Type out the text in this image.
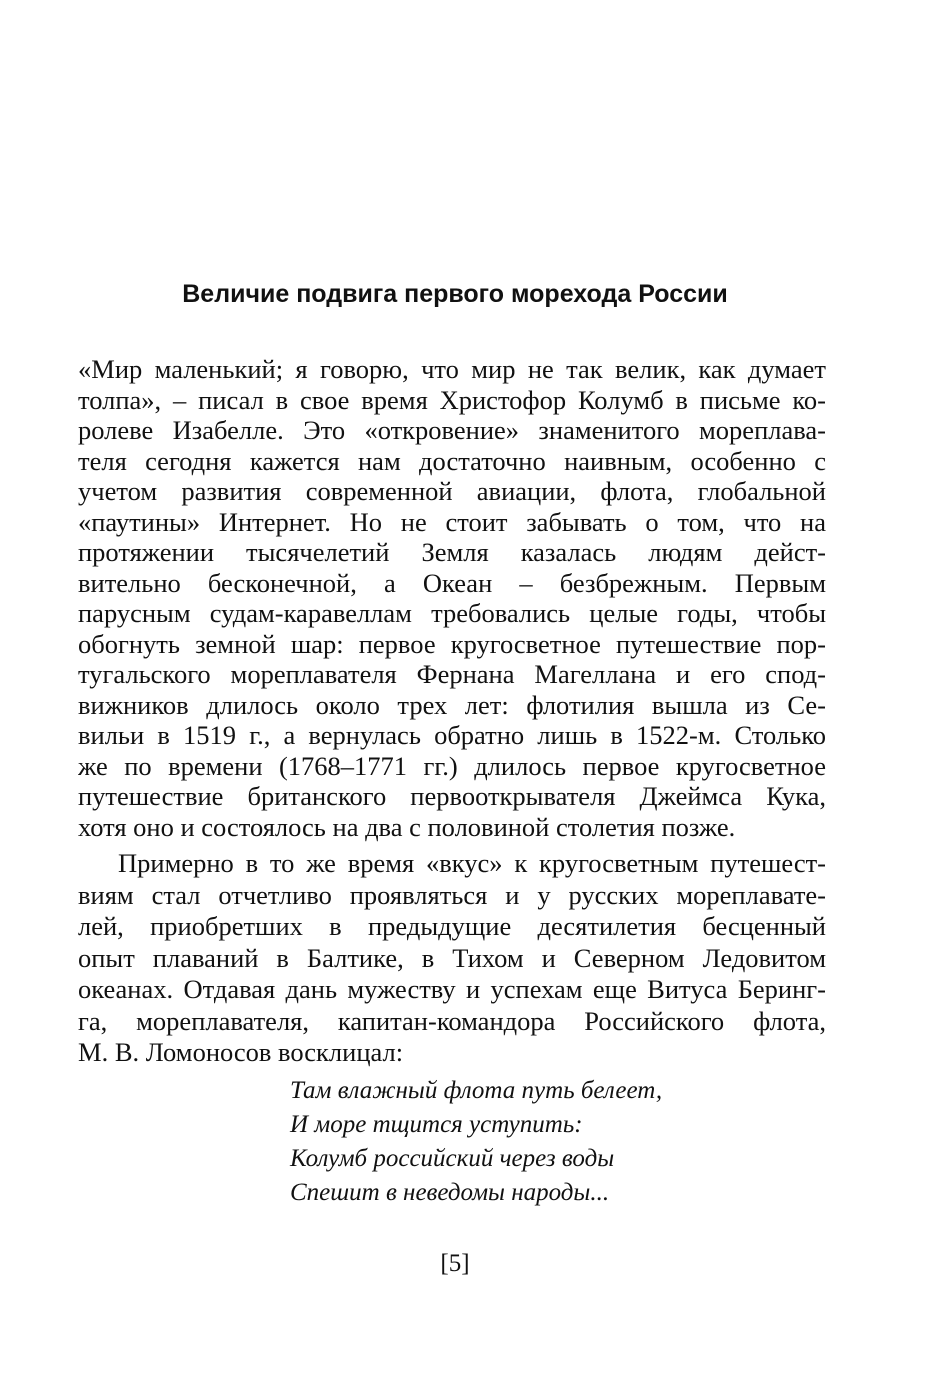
Величие подвига первого морехода России
«Мир маленький; я говорю, что мир не так велик, как думает
толпа», – писал в свое время Христофор Колумб в письме ко-
ролеве Изабелле. Это «откровение» знаменитого мореплава-
теля сегодня кажется нам достаточно наивным, особенно с
учетом развития современной авиации, флота, глобальной
«паутины» Интернет. Но не стоит забывать о том, что на
протяжении тысячелетий Земля казалась людям дейст-
вительно бесконечной, а Океан – безбрежным. Первым
парусным судам-каравеллам требовались целые годы, чтобы
обогнуть земной шар: первое кругосветное путешествие пор-
тугальского мореплавателя Фернана Магеллана и его спод-
вижников длилось около трех лет: флотилия вышла из Се-
вильи в 1519 г., а вернулась обратно лишь в 1522-м. Столько
же по времени (1768–1771 гг.) длилось первое кругосветное
путешествие британского первооткрывателя Джеймса Кука,
хотя оно и состоялось на два с половиной столетия позже.
Примерно в то же время «вкус» к кругосветным путешест-
виям стал отчетливо проявляться и у русских мореплавате-
лей, приобретших в предыдущие десятилетия бесценный
опыт плаваний в Балтике, в Тихом и Северном Ледовитом
океанах. Отдавая дань мужеству и успехам еще Витуса Беринг-
га, мореплавателя, капитан-командора Российского флота,
М. В. Ломоносов восклицал:
Там влажный флота путь белеет,
И море тщится уступить:
Колумб российский через воды
Спешит в неведомы народы...
[5]
